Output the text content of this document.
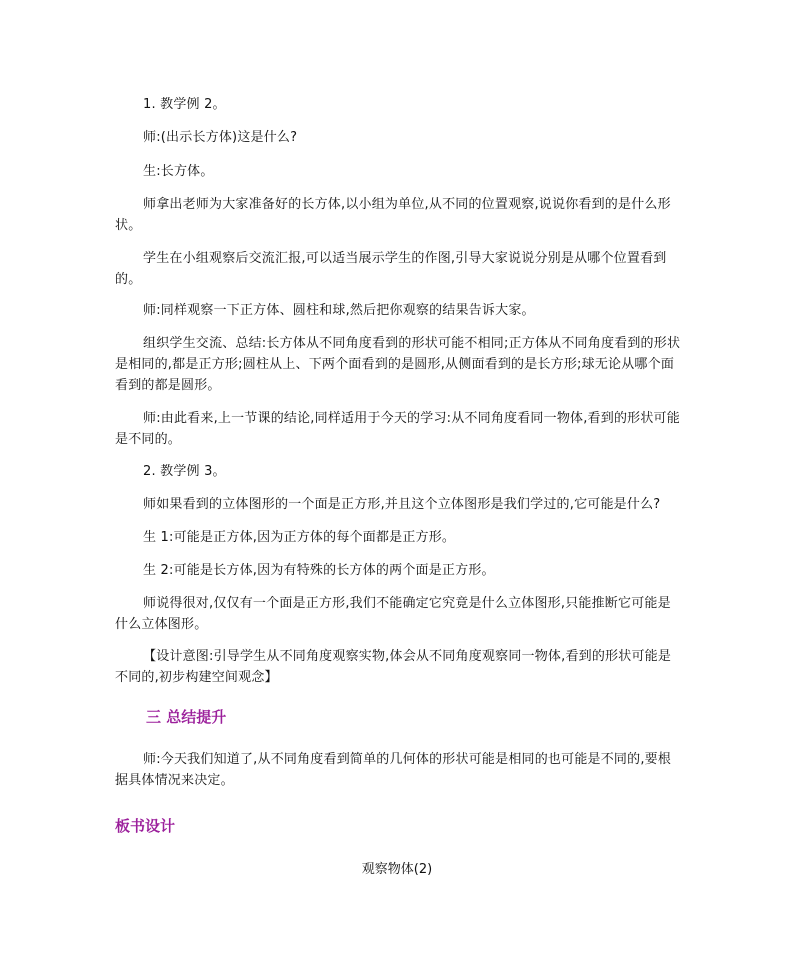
1. 教学例 2。

师:(出示长方体)这是什么?

生:长方体。

师拿出老师为大家准备好的长方体,以小组为单位,从不同的位置观察,说说你看到的是什么形状。

学生在小组观察后交流汇报,可以适当展示学生的作图,引导大家说说分别是从哪个位置看到的。

师:同样观察一下正方体、圆柱和球,然后把你观察的结果告诉大家。

组织学生交流、总结:长方体从不同角度看到的形状可能不相同;正方体从不同角度看到的形状是相同的,都是正方形;圆柱从上、下两个面看到的是圆形,从侧面看到的是长方形;球无论从哪个面看到的都是圆形。

师:由此看来,上一节课的结论,同样适用于今天的学习:从不同角度看同一物体,看到的形状可能是不同的。

2. 教学例 3。

师如果看到的立体图形的一个面是正方形,并且这个立体图形是我们学过的,它可能是什么?

生 1:可能是正方体,因为正方体的每个面都是正方形。

生 2:可能是长方体,因为有特殊的长方体的两个面是正方形。

师说得很对,仅仅有一个面是正方形,我们不能确定它究竟是什么立体图形,只能推断它可能是什么立体图形。

【设计意图:引导学生从不同角度观察实物,体会从不同角度观察同一物体,看到的形状可能是不同的,初步构建空间观念】

三 总结提升

师:今天我们知道了,从不同角度看到简单的几何体的形状可能是相同的也可能是不同的,要根据具体情况来决定。

板书设计

观察物体(2)
